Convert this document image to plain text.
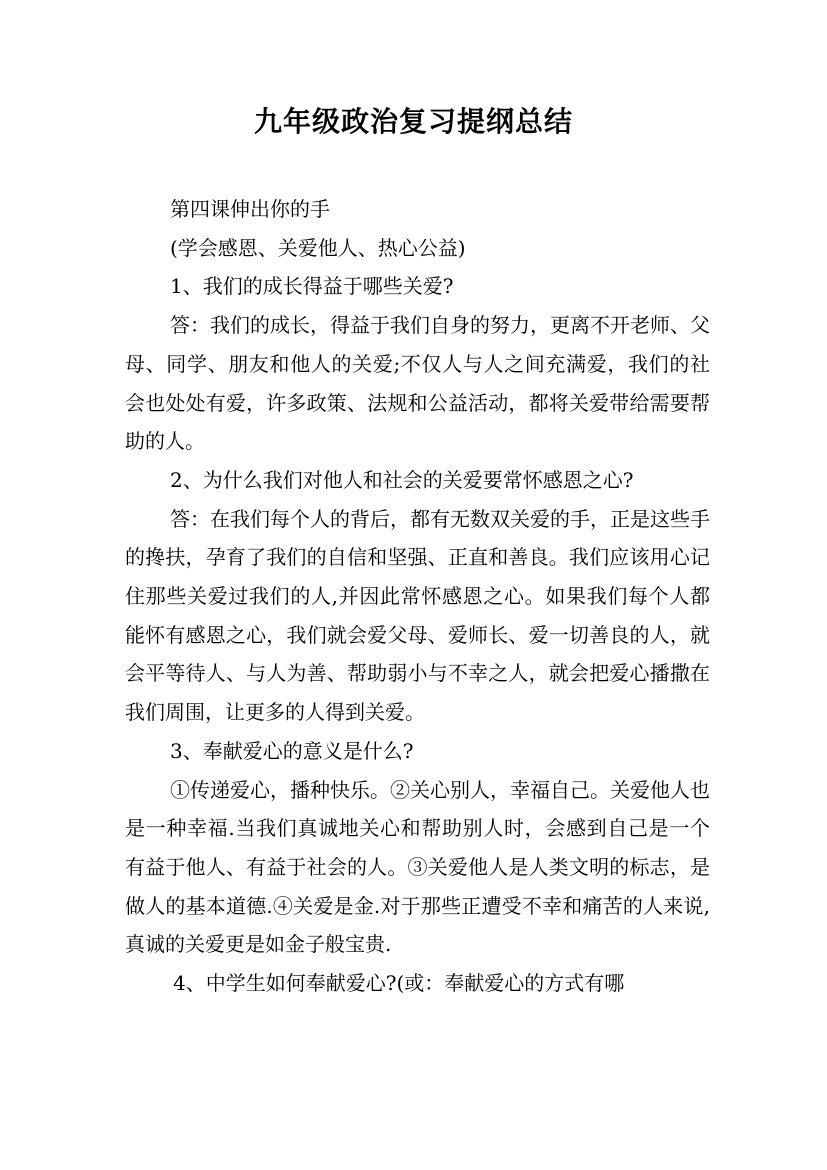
九年级政治复习提纲总结

第四课伸出你的手

(学会感恩、关爱他人、热心公益)

1、我们的成长得益于哪些关爱?

答：我们的成长，得益于我们自身的努力，更离不开老师、父母、同学、朋友和他人的关爱;不仅人与人之间充满爱，我们的社会也处处有爱，许多政策、法规和公益活动，都将关爱带给需要帮助的人。

2、为什么我们对他人和社会的关爱要常怀感恩之心?

答：在我们每个人的背后，都有无数双关爱的手，正是这些手的搀扶，孕育了我们的自信和坚强、正直和善良。我们应该用心记住那些关爱过我们的人,并因此常怀感恩之心。如果我们每个人都能怀有感恩之心，我们就会爱父母、爱师长、爱一切善良的人，就会平等待人、与人为善、帮助弱小与不幸之人，就会把爱心播撒在我们周围，让更多的人得到关爱。

3、奉献爱心的意义是什么?

①传递爱心，播种快乐。②关心别人，幸福自己。关爱他人也是一种幸福.当我们真诚地关心和帮助别人时，会感到自己是一个有益于他人、有益于社会的人。③关爱他人是人类文明的标志，是做人的基本道德.④关爱是金.对于那些正遭受不幸和痛苦的人来说,真诚的关爱更是如金子般宝贵.

4、中学生如何奉献爱心?(或：奉献爱心的方式有哪
